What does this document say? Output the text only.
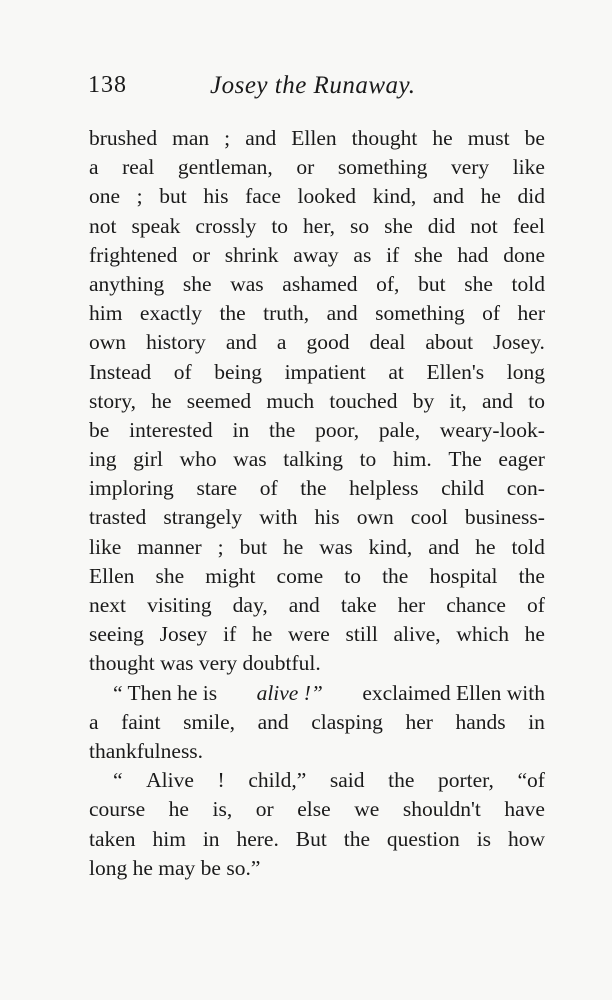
138	Josey the Runaway.
brushed man ; and Ellen thought he must be
a real gentleman, or something very like
one ; but his face looked kind, and he did
not speak crossly to her, so she did not feel
frightened or shrink away as if she had done
anything she was ashamed of, but she told
him exactly the truth, and something of her
own history and a good deal about Josey.
Instead of being impatient at Ellen's long
story, he seemed much touched by it, and to
be interested in the poor, pale, weary-look-
ing girl who was talking to him. The eager
imploring stare of the helpless child con-
trasted strangely with his own cool business-
like manner ; but he was kind, and he told
Ellen she might come to the hospital the
next visiting day, and take her chance of
seeing Josey if he were still alive, which he
thought was very doubtful.
“ Then he is alive !” exclaimed Ellen with
a faint smile, and clasping her hands in
thankfulness.
“ Alive ! child,” said the porter, “of
course he is, or else we shouldn't have
taken him in here. But the question is how
long he may be so.”
